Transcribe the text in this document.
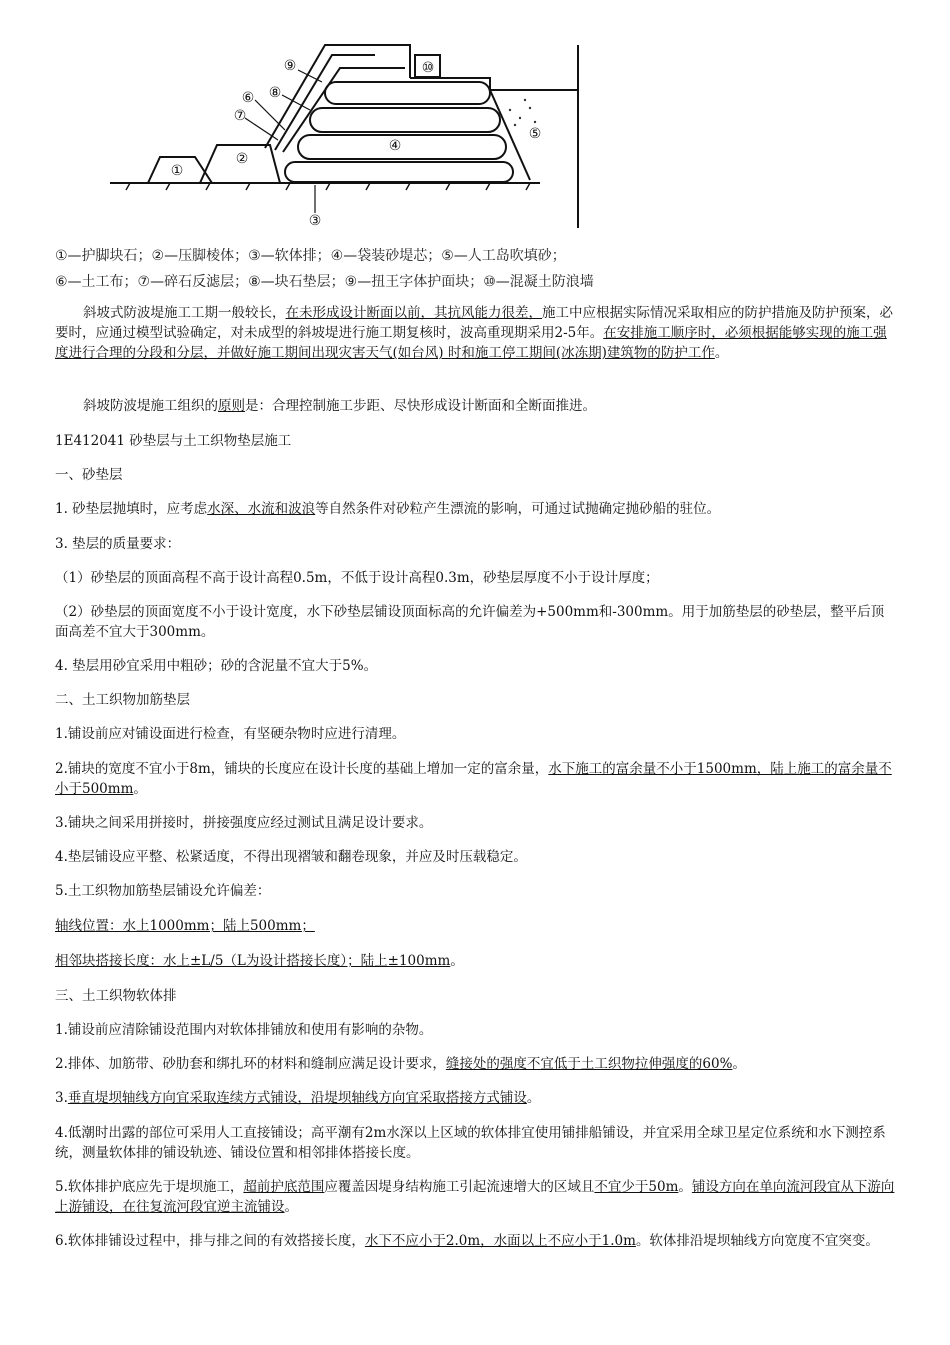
①
②
③
④
⑤
⑥
⑦
⑧
⑨	⑩
①—护脚块石；②—压脚棱体；③—软体排；④—袋装砂堤芯；⑤—人工岛吹填砂；
⑥—土工布；⑦—碎石反滤层；⑧—块石垫层；⑨—扭王字体护面块；⑩—混凝土防浪墙

斜坡式防波堤施工工期一般较长，在未形成设计断面以前，其抗风能力很差，施工中应根据实际情况采取相应的防护措施及防护预案，必要时，应通过模型试验确定，对未成型的斜坡堤进行施工期复核时，波高重现期采用2-5年。在安排施工顺序时，必须根据能够实现的施工强度进行合理的分段和分层，并做好施工期间出现灾害天气(如台风) 时和施工停工期间(冰冻期)建筑物的防护工作。

斜坡防波堤施工组织的原则是：合理控制施工步距、尽快形成设计断面和全断面推进。

1E412041 砂垫层与土工织物垫层施工

一、砂垫层

1. 砂垫层抛填时，应考虑水深、水流和波浪等自然条件对砂粒产生漂流的影响，可通过试抛确定抛砂船的驻位。

3. 垫层的质量要求：

（1）砂垫层的顶面高程不高于设计高程0.5m，不低于设计高程0.3m，砂垫层厚度不小于设计厚度；

（2）砂垫层的顶面宽度不小于设计宽度，水下砂垫层铺设顶面标高的允许偏差为+500mm和-300mm。用于加筋垫层的砂垫层，整平后顶面高差不宜大于300mm。

4. 垫层用砂宜采用中粗砂；砂的含泥量不宜大于5%。

二、土工织物加筋垫层

1.铺设前应对铺设面进行检查，有坚硬杂物时应进行清理。

2.铺块的宽度不宜小于8m，铺块的长度应在设计长度的基础上增加一定的富余量，水下施工的富余量不小于1500mm，陆上施工的富余量不小于500mm。

3.铺块之间采用拼接时，拼接强度应经过测试且满足设计要求。

4.垫层铺设应平整、松紧适度，不得出现褶皱和翻卷现象，并应及时压载稳定。

5.土工织物加筋垫层铺设允许偏差：

轴线位置：水上1000mm；陆上500mm；

相邻块搭接长度：水上±L/5（L为设计搭接长度）；陆上±100mm。

三、土工织物软体排

1.铺设前应清除铺设范围内对软体排铺放和使用有影响的杂物。

2.排体、加筋带、砂肋套和绑扎环的材料和缝制应满足设计要求，缝接处的强度不宜低于土工织物拉伸强度的60%。

3.垂直堤坝轴线方向宜采取连续方式铺设，沿堤坝轴线方向宜采取搭接方式铺设。

4.低潮时出露的部位可采用人工直接铺设；高平潮有2m水深以上区域的软体排宜使用铺排船铺设，并宜采用全球卫星定位系统和水下测控系统，测量软体排的铺设轨迹、铺设位置和相邻排体搭接长度。

5.软体排护底应先于堤坝施工，超前护底范围应覆盖因堤身结构施工引起流速增大的区域且不宜少于50m。铺设方向在单向流河段宜从下游向上游铺设，在往复流河段宜逆主流铺设。

6.软体排铺设过程中，排与排之间的有效搭接长度，水下不应小于2.0m，水面以上不应小于1.0m。软体排沿堤坝轴线方向宽度不宜突变。
